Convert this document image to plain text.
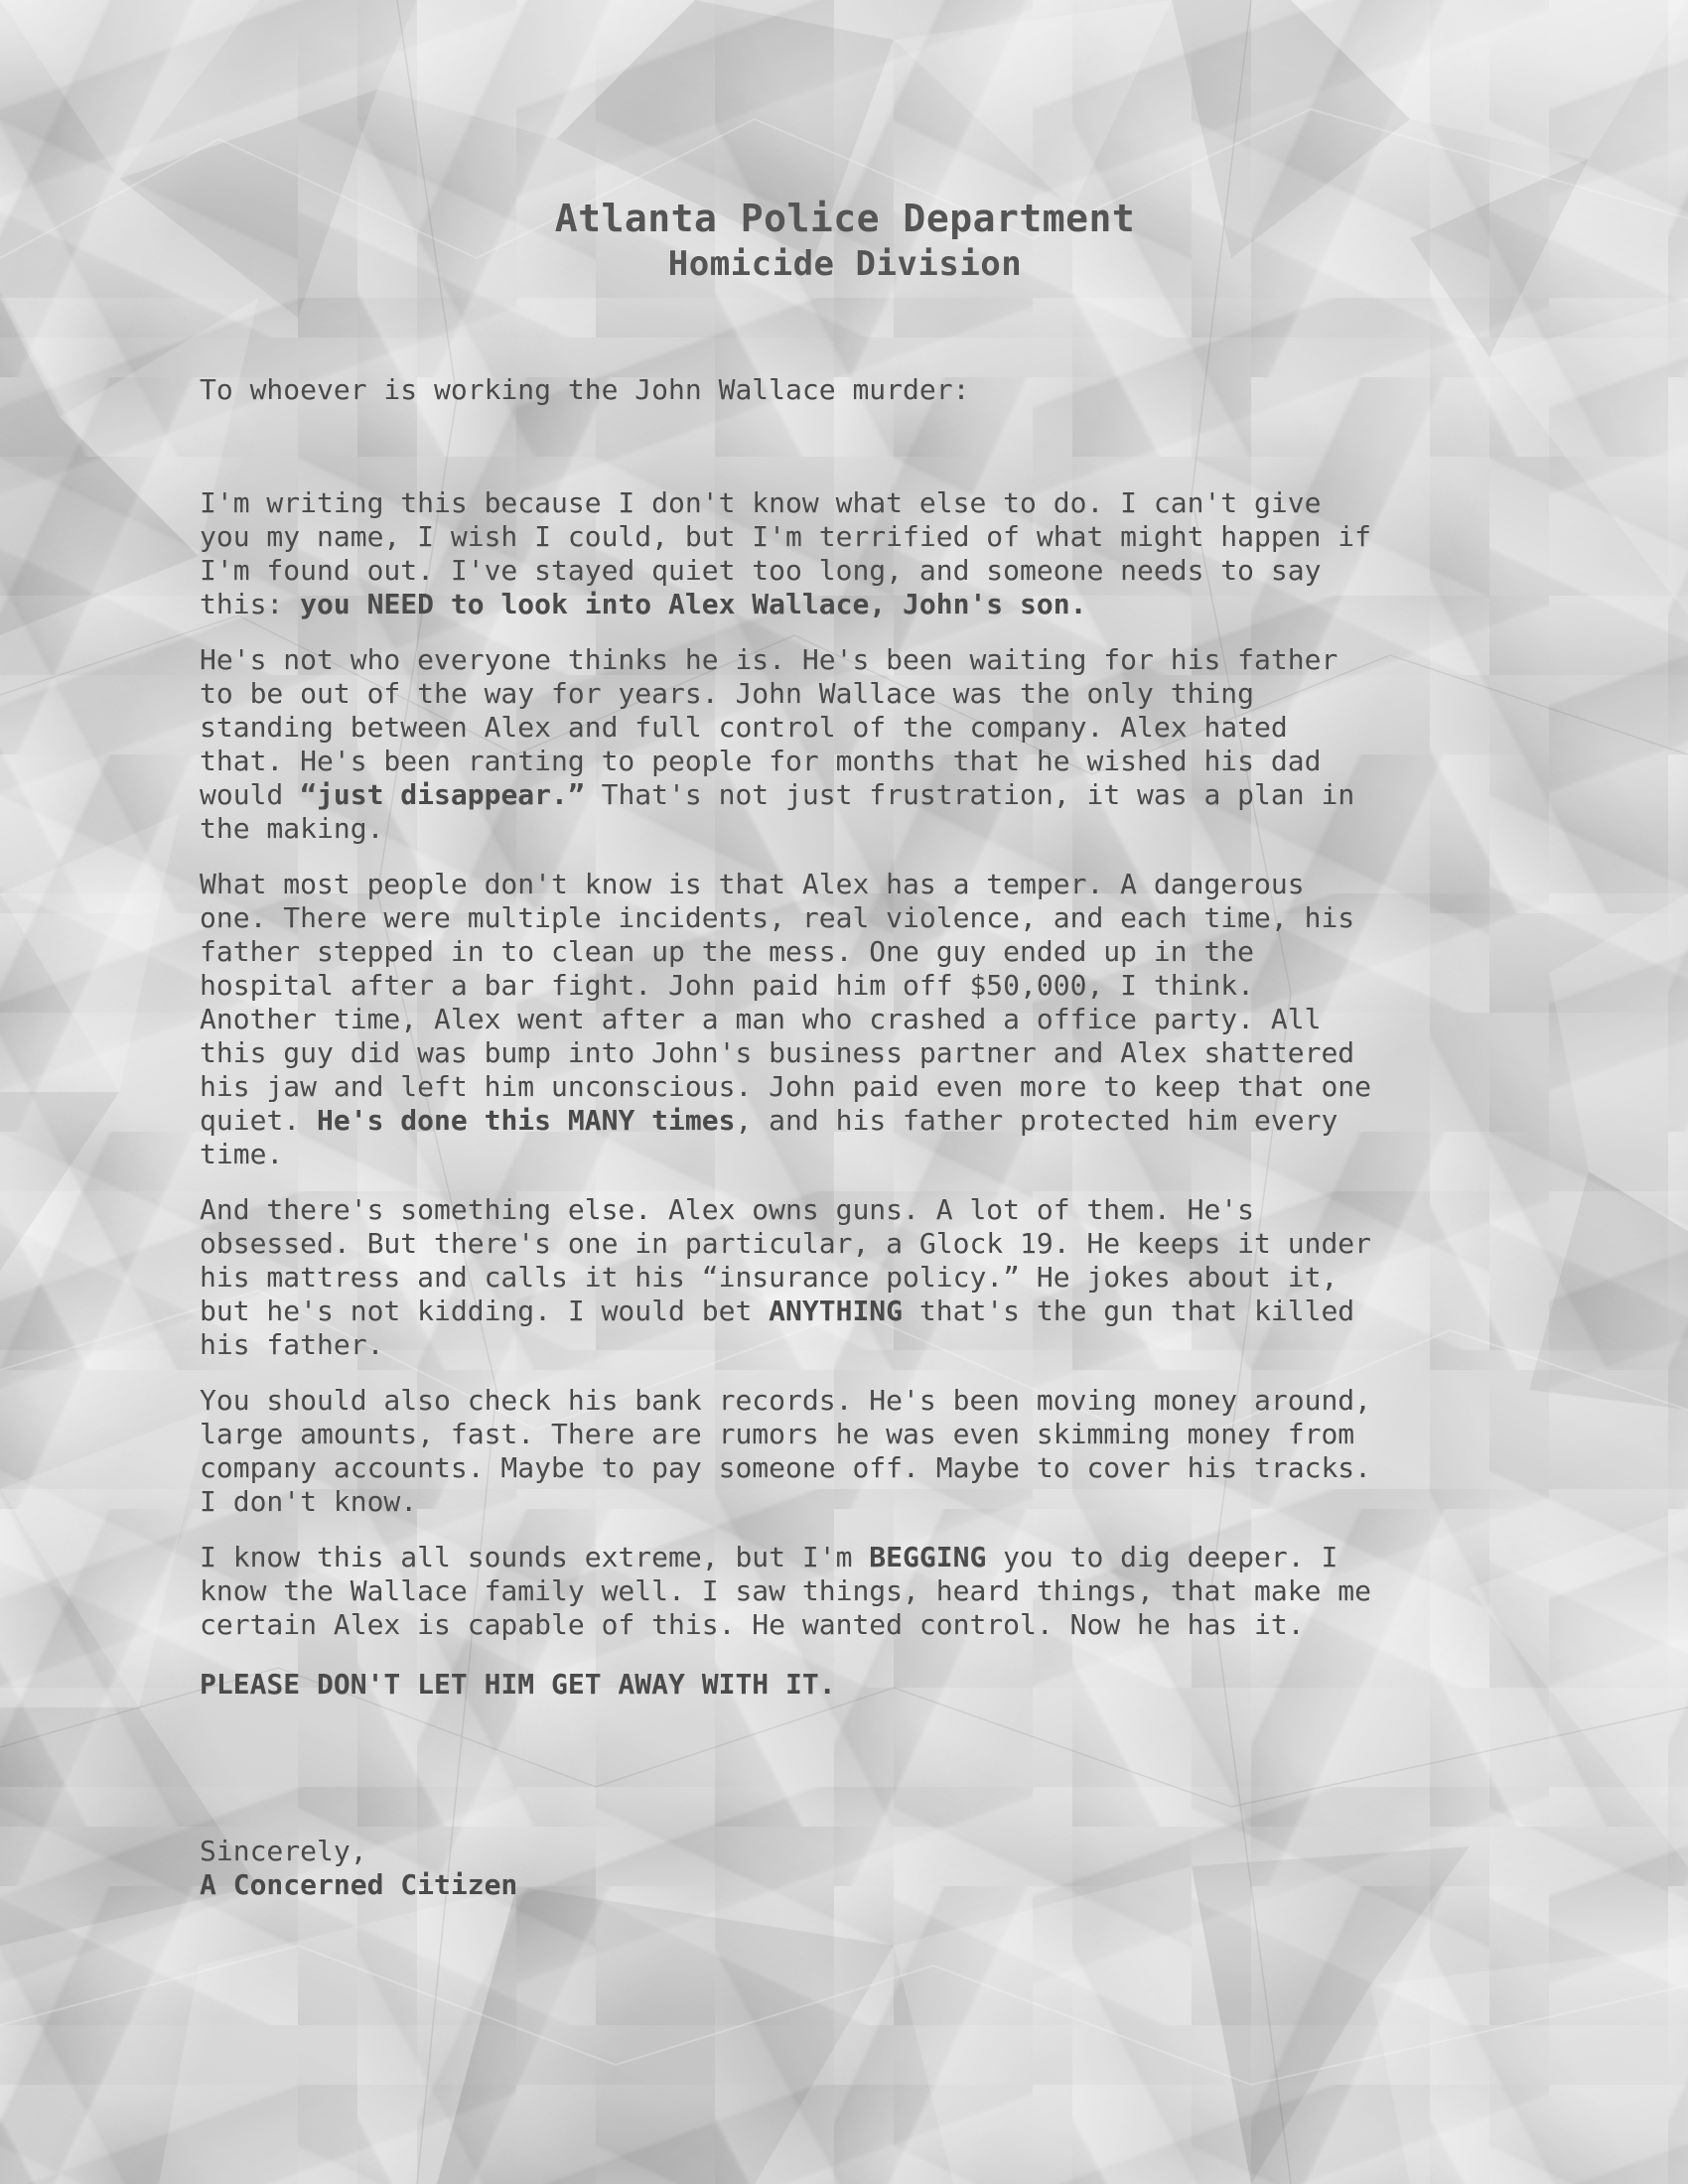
Atlanta Police Department
Homicide Division
To whoever is working the John Wallace murder:
I'm writing this because I don't know what else to do. I can't give
you my name, I wish I could, but I'm terrified of what might happen if
I'm found out. I've stayed quiet too long, and someone needs to say
this: you NEED to look into Alex Wallace, John's son.
He's not who everyone thinks he is. He's been waiting for his father
to be out of the way for years. John Wallace was the only thing
standing between Alex and full control of the company. Alex hated
that. He's been ranting to people for months that he wished his dad
would “just disappear.” That's not just frustration, it was a plan in
the making.
What most people don't know is that Alex has a temper. A dangerous
one. There were multiple incidents, real violence, and each time, his
father stepped in to clean up the mess. One guy ended up in the
hospital after a bar fight. John paid him off $50,000, I think.
Another time, Alex went after a man who crashed a office party. All
this guy did was bump into John's business partner and Alex shattered
his jaw and left him unconscious. John paid even more to keep that one
quiet. He's done this MANY times, and his father protected him every
time.
And there's something else. Alex owns guns. A lot of them. He's
obsessed. But there's one in particular, a Glock 19. He keeps it under
his mattress and calls it his “insurance policy.” He jokes about it,
but he's not kidding. I would bet ANYTHING that's the gun that killed
his father.
You should also check his bank records. He's been moving money around,
large amounts, fast. There are rumors he was even skimming money from
company accounts. Maybe to pay someone off. Maybe to cover his tracks.
I don't know.
I know this all sounds extreme, but I'm BEGGING you to dig deeper. I
know the Wallace family well. I saw things, heard things, that make me
certain Alex is capable of this. He wanted control. Now he has it.
PLEASE DON'T LET HIM GET AWAY WITH IT.
Sincerely,
A Concerned Citizen
